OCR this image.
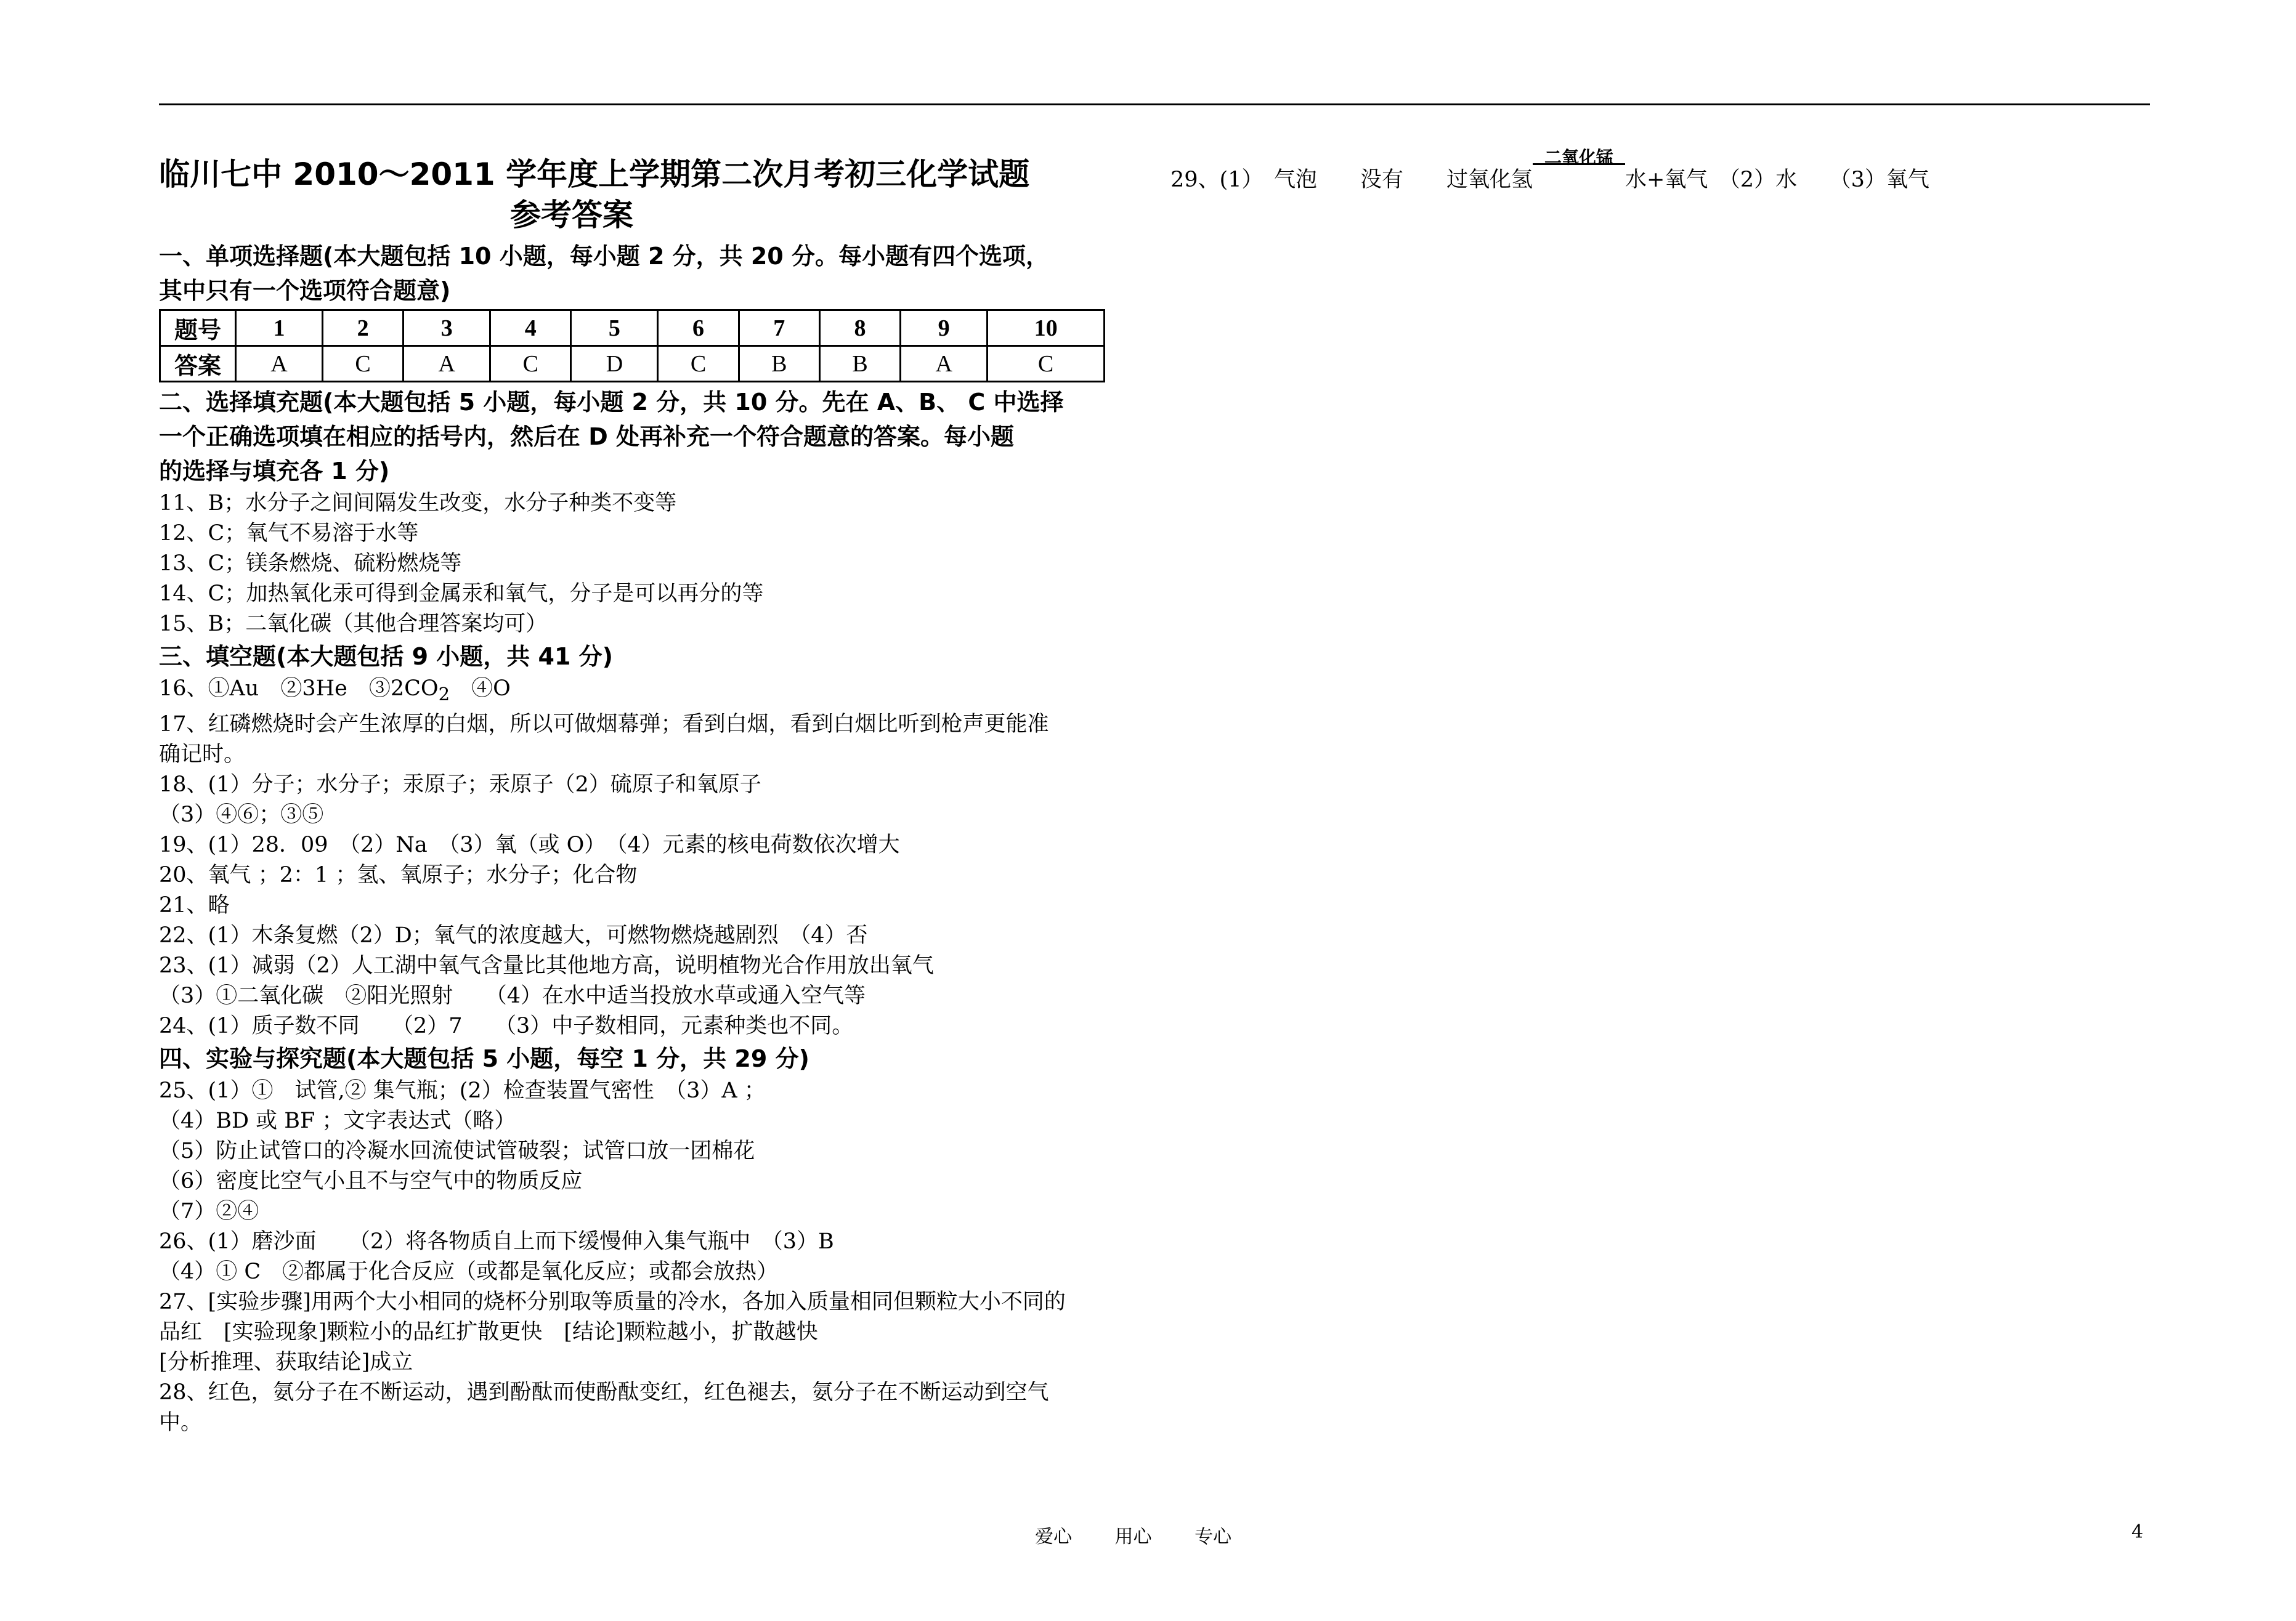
临川七中 2010～2011 学年度上学期第二次月考初三化学试题
参考答案
一、单项选择题(本大题包括 10 小题，每小题 2 分，共 20 分。每小题有四个选项，
其中只有一个选项符合题意)
题号	1	2	3	4	5	6	7	8	9	10
答案	A	C	A	C	D	C	B	B	A	C
二、选择填充题(本大题包括 5 小题，每小题 2 分，共 10 分。先在 A、B、 C 中选择
一个正确选项填在相应的括号内，然后在 D 处再补充一个符合题意的答案。每小题
的选择与填充各 1 分)
11、B；水分子之间间隔发生改变，水分子种类不变等
12、C；氧气不易溶于水等
13、C；镁条燃烧、硫粉燃烧等
14、C；加热氧化汞可得到金属汞和氧气，分子是可以再分的等
15、B；二氧化碳（其他合理答案均可）
三、填空题(本大题包括 9 小题，共 41 分)
16、①Au　②3He　$③2CO_2$　④O
17、红磷燃烧时会产生浓厚的白烟，所以可做烟幕弹；看到白烟，看到白烟比听到枪声更能准
确记时。
18、(1）分子；水分子；汞原子；汞原子（2）硫原子和氧原子
（3）④⑥；③⑤
19、(1）28．09　（2）Na　（3）氧（或 O）　（4）元素的核电荷数依次增大
20、氧气 ；2：1 ；氢、氧原子；水分子；化合物
21、略
22、(1）木条复燃（2）D；氧气的浓度越大，可燃物燃烧越剧烈　（4）否
23、(1）减弱（2）人工湖中氧气含量比其他地方高，说明植物光合作用放出氧气
（3）①二氧化碳　②阳光照射　　（4）在水中适当投放水草或通入空气等
24、(1）质子数不同　　（2）7　　（3）中子数相同，元素种类也不同。
四、实验与探究题(本大题包括 5 小题，每空 1 分，共 29 分)
25、(1）①　试管,② 集气瓶；(2）检查装置气密性　（3）A ；
（4）BD 或 BF ；文字表达式（略）
（5）防止试管口的冷凝水回流使试管破裂；试管口放一团棉花
（6）密度比空气小且不与空气中的物质反应
（7）②④
26、(1）磨沙面　　（2）将各物质自上而下缓慢伸入集气瓶中　（3）B
（4）① C　②都属于化合反应（或都是氧化反应；或都会放热）
27、[实验步骤]用两个大小相同的烧杯分别取等质量的冷水，各加入质量相同但颗粒大小不同的
品红　[实验现象]颗粒小的品红扩散更快　[结论]颗粒越小，扩散越快
[分析推理、获取结论]成立
28、红色，氨分子在不断运动，遇到酚酞而使酚酞变红，红色褪去，氨分子在不断运动到空气
中。
29、(1）　气泡　　没有　　过氧化氢
二氧化锰

水+氧气　（2）水　　（3）氧气
爱心 用心 专心	4
